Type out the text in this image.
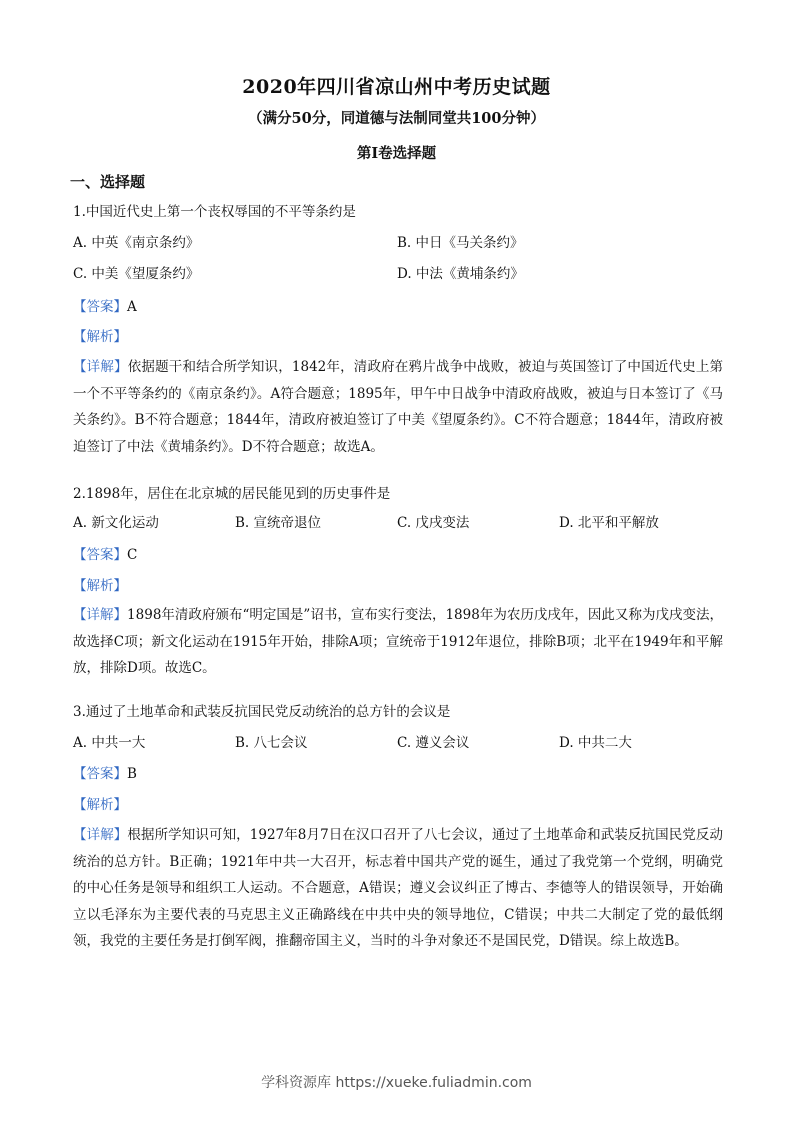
2020年四川省凉山州中考历史试题
（满分50分，同道德与法制同堂共100分钟）
第Ⅰ卷选择题
一、选择题
1.中国近代史上第一个丧权辱国的不平等条约是
A. 中英《南京条约》	B. 中日《马关条约》
C. 中美《望厦条约》	D. 中法《黄埔条约》
【答案】A
【解析】

【详解】依据题干和结合所学知识，1842年，清政府在鸦片战争中战败，被迫与英国签订了中国近代史上第一个不平等条约的《南京条约》。A符合题意；1895年，甲午中日战争中清政府战败，被迫与日本签订了《马关条约》。B不符合题意；1844年，清政府被迫签订了中美《望厦条约》。C不符合题意；1844年，清政府被迫签订了中法《黄埔条约》。D不符合题意；故选A。

2.1898年，居住在北京城的居民能见到的历史事件是
A. 新文化运动	B. 宣统帝退位	C. 戊戌变法	D. 北平和平解放
【答案】C
【解析】

【详解】1898年清政府颁布“明定国是”诏书，宣布实行变法，1898年为农历戊戌年，因此又称为戊戌变法，故选择C项；新文化运动在1915年开始，排除A项；宣统帝于1912年退位，排除B项；北平在1949年和平解放，排除D项。故选C。

3.通过了土地革命和武装反抗国民党反动统治的总方针的会议是
A. 中共一大	B. 八七会议	C. 遵义会议	D. 中共二大
【答案】B
【解析】

【详解】根据所学知识可知，1927年8月7日在汉口召开了八七会议，通过了土地革命和武装反抗国民党反动统治的总方针。B正确；1921年中共一大召开，标志着中国共产党的诞生，通过了我党第一个党纲，明确党的中心任务是领导和组织工人运动。不合题意，A错误；遵义会议纠正了博古、李德等人的错误领导，开始确立以毛泽东为主要代表的马克思主义正确路线在中共中央的领导地位，C错误；中共二大制定了党的最低纲领，我党的主要任务是打倒军阀，推翻帝国主义，当时的斗争对象还不是国民党，D错误。综上故选B。

学科资源库 https://xueke.fuliadmin.com
